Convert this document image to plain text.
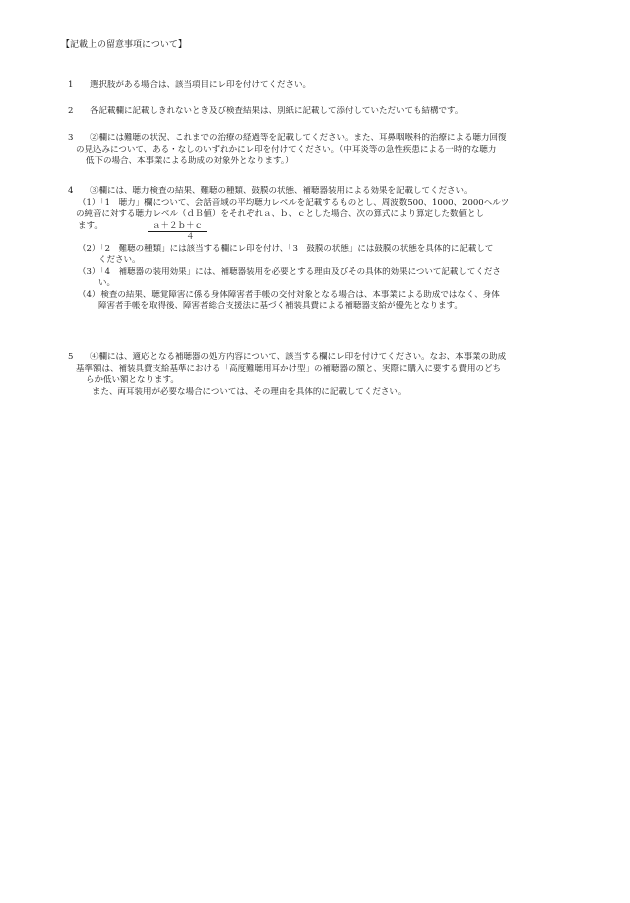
【記載上の留意事項について】
1 選択肢がある場合は、該当項目にレ印を付けてください。
2 各記載欄に記載しきれないとき及び検査結果は、別紙に記載して添付していただいても結構です。
3 ②欄には難聴の状況、これまでの治療の経過等を記載してください。また、耳鼻咽喉科的治療による聴力回復
の見込みについて、ある・なしのいずれかにレ印を付けてください。（中耳炎等の急性疾患による一時的な聴力
低下の場合、本事業による助成の対象外となります。）
4 ③欄には、聴力検査の結果、難聴の種類、鼓膜の状態、補聴器装用による効果を記載してください。
（1）「1　聴力」欄について、会話音域の平均聴力レベルを記載するものとし、周波数500、1000、2000ヘルツ
の純音に対する聴力レベル（ｄＢ値）をそれぞれａ、ｂ、ｃとした場合、次の算式により算定した数値とし
ます。	ａ＋２ｂ＋ｃ
４
（2）「2　難聴の種類」には該当する欄にレ印を付け、「3　鼓膜の状態」には鼓膜の状態を具体的に記載して
ください。
（3）「4　補聴器の装用効果」には、補聴器装用を必要とする理由及びその具体的効果について記載してくださ
い。
（4）検査の結果、聴覚障害に係る身体障害者手帳の交付対象となる場合は、本事業による助成ではなく、身体
障害者手帳を取得後、障害者総合支援法に基づく補装具費による補聴器支給が優先となります。
5 ④欄には、適応となる補聴器の処方内容について、該当する欄にレ印を付けてください。なお、本事業の助成
基準額は、補装具費支給基準における「高度難聴用耳かけ型」の補聴器の額と、実際に購入に要する費用のどち
らか低い額となります。
また、両耳装用が必要な場合については、その理由を具体的に記載してください。
